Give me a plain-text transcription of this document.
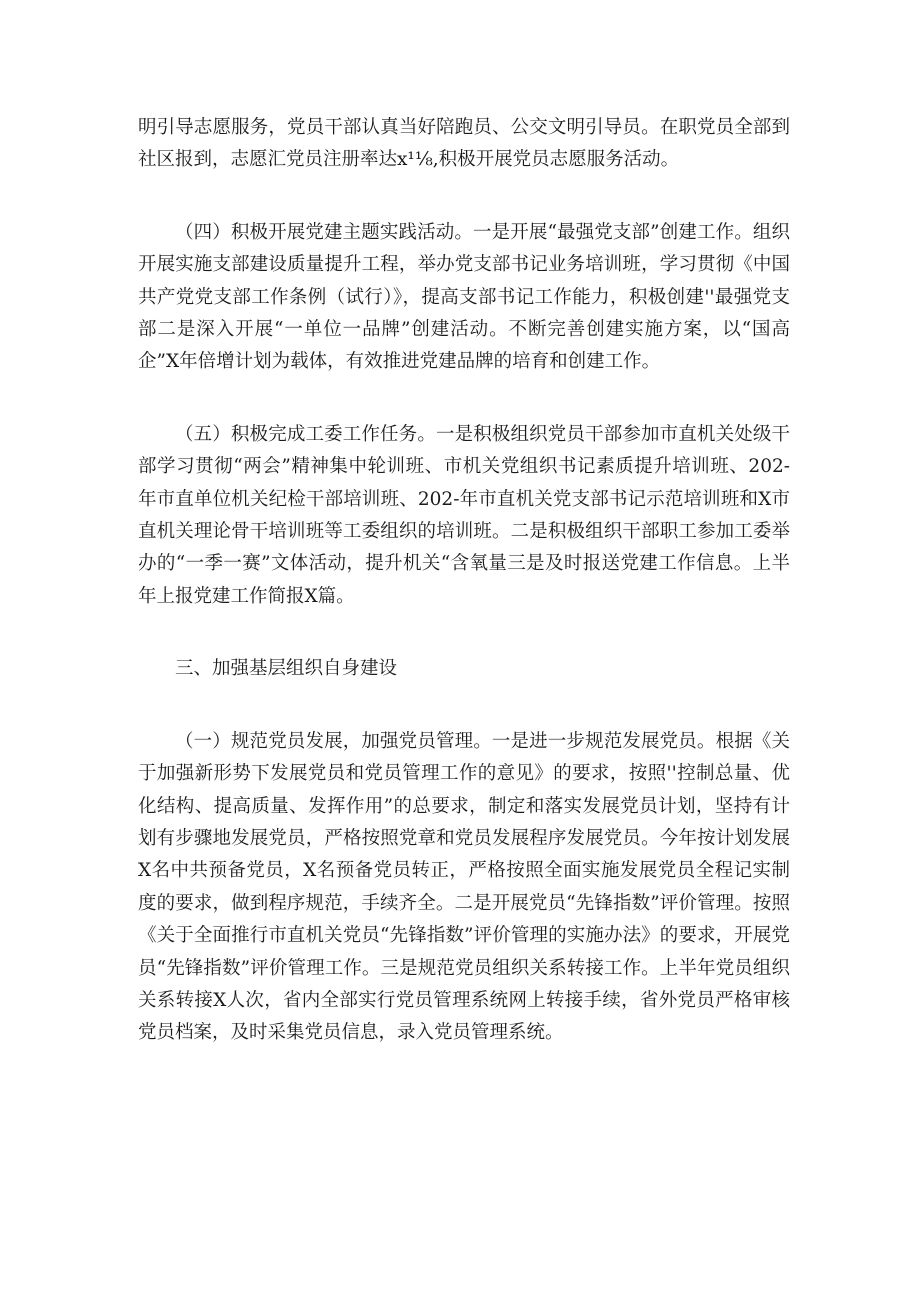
明引导志愿服务，党员干部认真当好陪跑员、公交文明引导员。在职党员全部到社区报到，志愿汇党员注册率达x¹⅛,积极开展党员志愿服务活动。

（四）积极开展党建主题实践活动。一是开展“最强党支部”创建工作。组织开展实施支部建设质量提升工程，举办党支部书记业务培训班，学习贯彻《中国共产党党支部工作条例（试行）》，提高支部书记工作能力，积极创建''最强党支部二是深入开展“一单位一品牌”创建活动。不断完善创建实施方案，以“国高企”X年倍增计划为载体，有效推进党建品牌的培育和创建工作。

（五）积极完成工委工作任务。一是积极组织党员干部参加市直机关处级干部学习贯彻“两会”精神集中轮训班、市机关党组织书记素质提升培训班、202-年市直单位机关纪检干部培训班、202-年市直机关党支部书记示范培训班和X市直机关理论骨干培训班等工委组织的培训班。二是积极组织干部职工参加工委举办的“一季一赛”文体活动，提升机关“含氧量三是及时报送党建工作信息。上半年上报党建工作简报X篇。

三、加强基层组织自身建设

（一）规范党员发展，加强党员管理。一是进一步规范发展党员。根据《关于加强新形势下发展党员和党员管理工作的意见》的要求，按照''控制总量、优化结构、提高质量、发挥作用”的总要求，制定和落实发展党员计划，坚持有计划有步骤地发展党员，严格按照党章和党员发展程序发展党员。今年按计划发展X名中共预备党员，X名预备党员转正，严格按照全面实施发展党员全程记实制度的要求，做到程序规范，手续齐全。二是开展党员“先锋指数”评价管理。按照《关于全面推行市直机关党员“先锋指数”评价管理的实施办法》的要求，开展党员“先锋指数”评价管理工作。三是规范党员组织关系转接工作。上半年党员组织关系转接X人次，省内全部实行党员管理系统网上转接手续，省外党员严格审核党员档案，及时采集党员信息，录入党员管理系统。
